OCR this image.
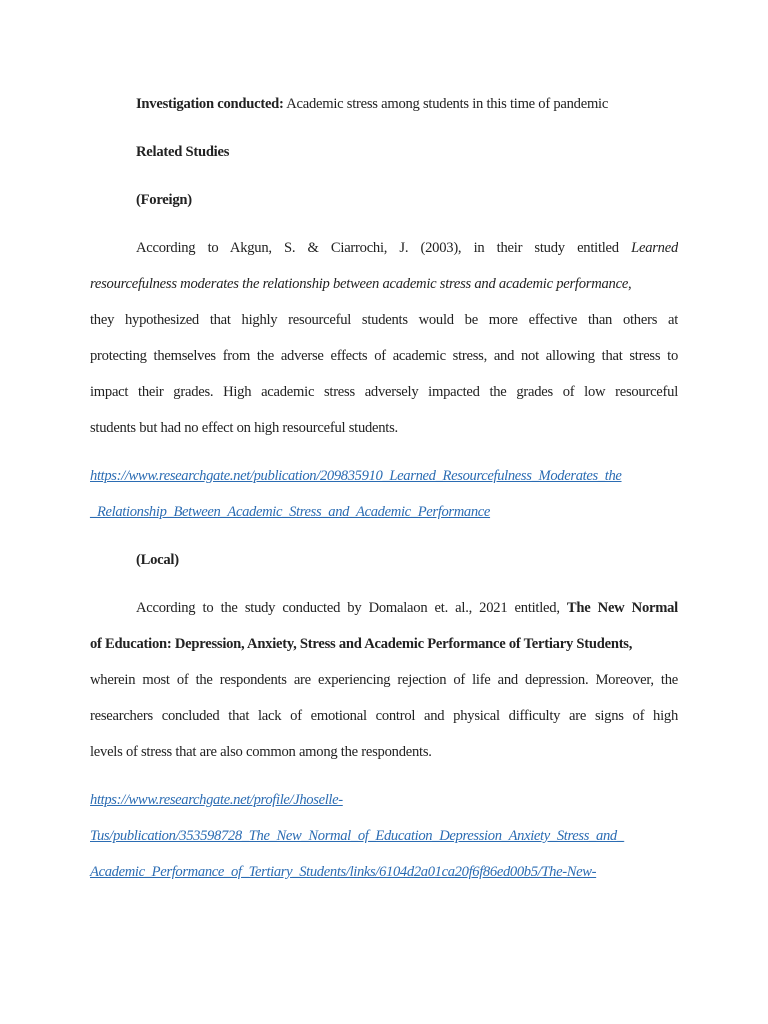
Investigation conducted: Academic stress among students in this time of pandemic
Related Studies
(Foreign)
According to Akgun, S. & Ciarrochi, J. (2003), in their study entitled Learned
resourcefulness moderates the relationship between academic stress and academic performance,
they hypothesized that highly resourceful students would be more effective than others at
protecting themselves from the adverse effects of academic stress, and not allowing that stress to
impact their grades. High academic stress adversely impacted the grades of low resourceful
students but had no effect on high resourceful students.
https://www.researchgate.net/publication/209835910_Learned_Resourcefulness_Moderates_the
_Relationship_Between_Academic_Stress_and_Academic_Performance
(Local)
According to the study conducted by Domalaon et. al., 2021 entitled, The New Normal
of Education: Depression, Anxiety, Stress and Academic Performance of Tertiary Students,
wherein most of the respondents are experiencing rejection of life and depression. Moreover, the
researchers concluded that lack of emotional control and physical difficulty are signs of high
levels of stress that are also common among the respondents.
https://www.researchgate.net/profile/Jhoselle-
Tus/publication/353598728_The_New_Normal_of_Education_Depression_Anxiety_Stress_and_
Academic_Performance_of_Tertiary_Students/links/6104d2a01ca20f6f86ed00b5/The-New-
